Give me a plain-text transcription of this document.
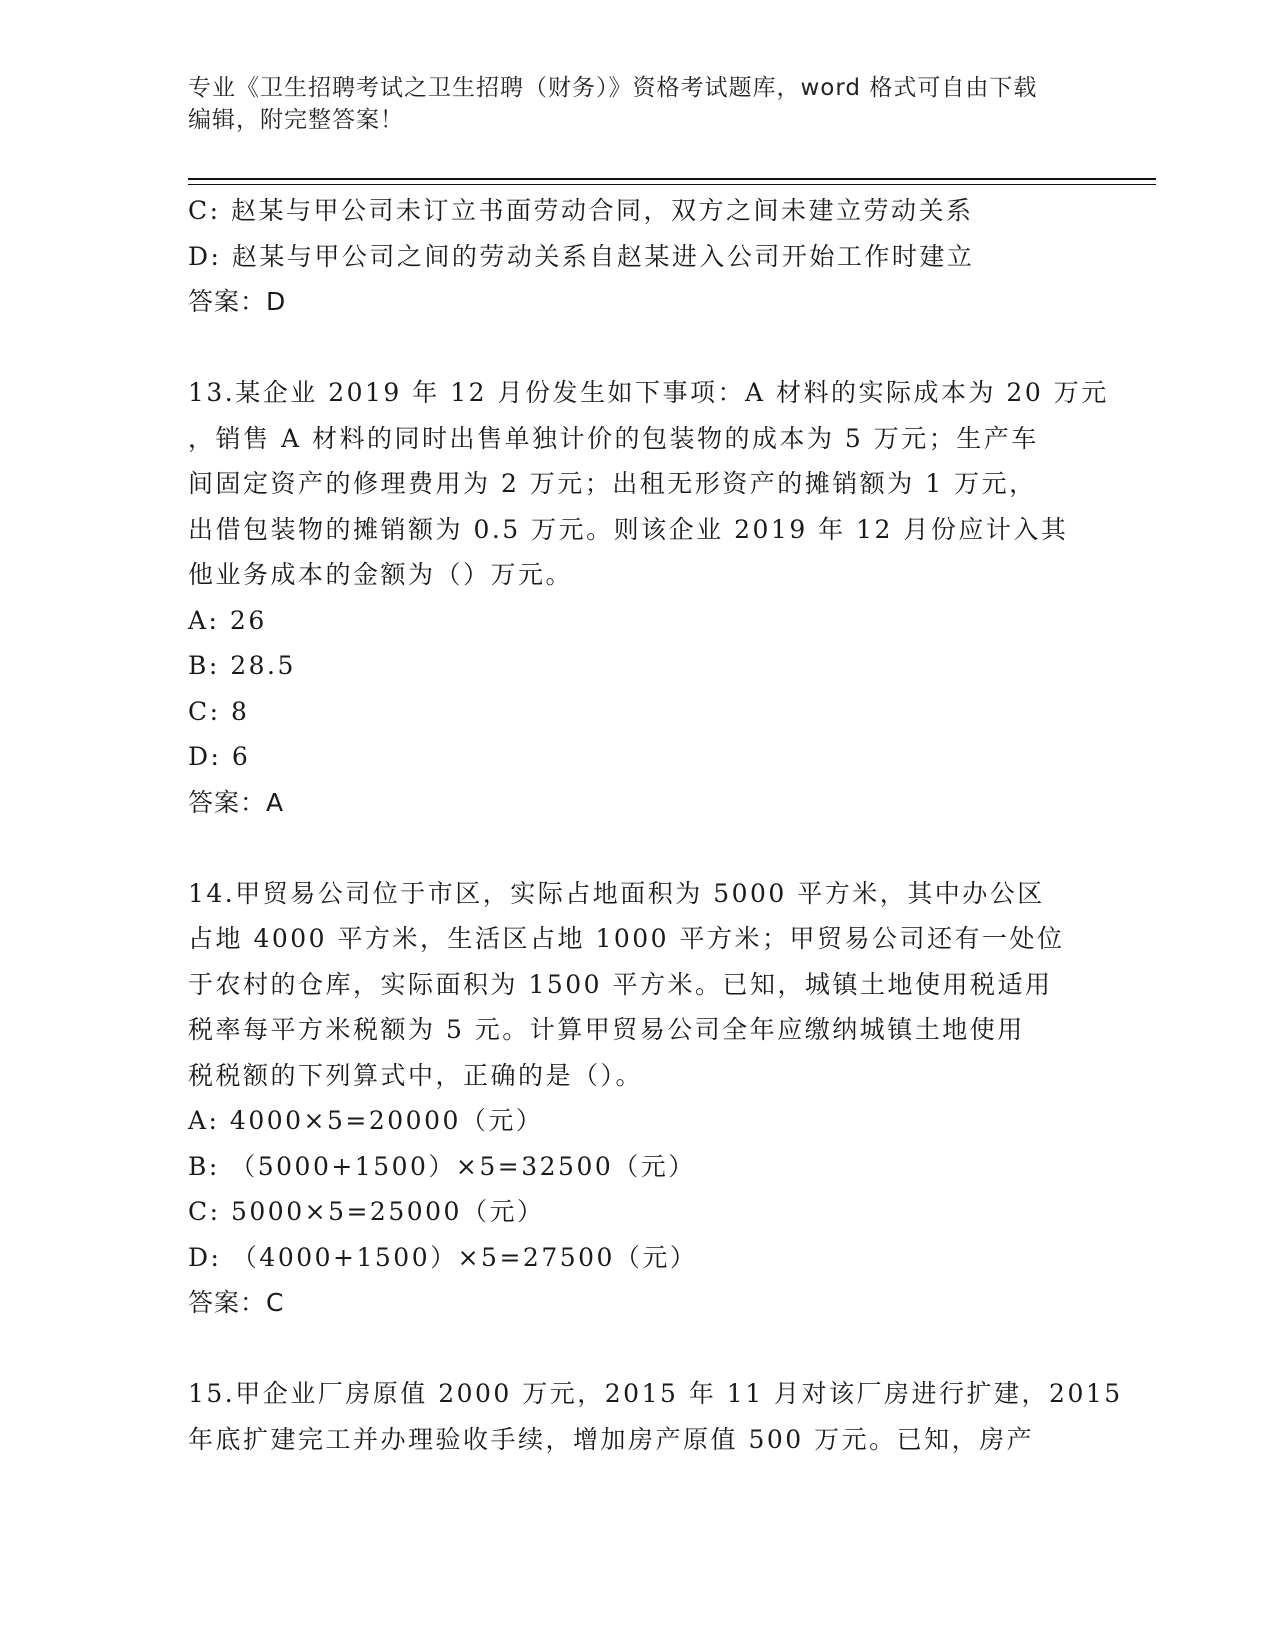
专业《卫生招聘考试之卫生招聘（财务）》资格考试题库，word 格式可自由下载
编辑，附完整答案！
C: 赵某与甲公司未订立书面劳动合同，双方之间未建立劳动关系
D: 赵某与甲公司之间的劳动关系自赵某进入公司开始工作时建立
答案：D
13.某企业 2019 年 12 月份发生如下事项：A 材料的实际成本为 20 万元
，销售 A 材料的同时出售单独计价的包装物的成本为 5 万元；生产车
间固定资产的修理费用为 2 万元；出租无形资产的摊销额为 1 万元，
出借包装物的摊销额为 0.5 万元。则该企业 2019 年 12 月份应计入其
他业务成本的金额为（）万元。
A: 26
B: 28.5
C: 8
D: 6
答案：A
14.甲贸易公司位于市区，实际占地面积为 5000 平方米，其中办公区
占地 4000 平方米，生活区占地 1000 平方米；甲贸易公司还有一处位
于农村的仓库，实际面积为 1500 平方米。已知，城镇土地使用税适用
税率每平方米税额为 5 元。计算甲贸易公司全年应缴纳城镇土地使用
税税额的下列算式中，正确的是（）。
A: 4000×5=20000（元）
B: （5000+1500）×5=32500（元）
C: 5000×5=25000（元）
D: （4000+1500）×5=27500（元）
答案：C
15.甲企业厂房原值 2000 万元，2015 年 11 月对该厂房进行扩建，2015
年底扩建完工并办理验收手续，增加房产原值 500 万元。已知，房产
